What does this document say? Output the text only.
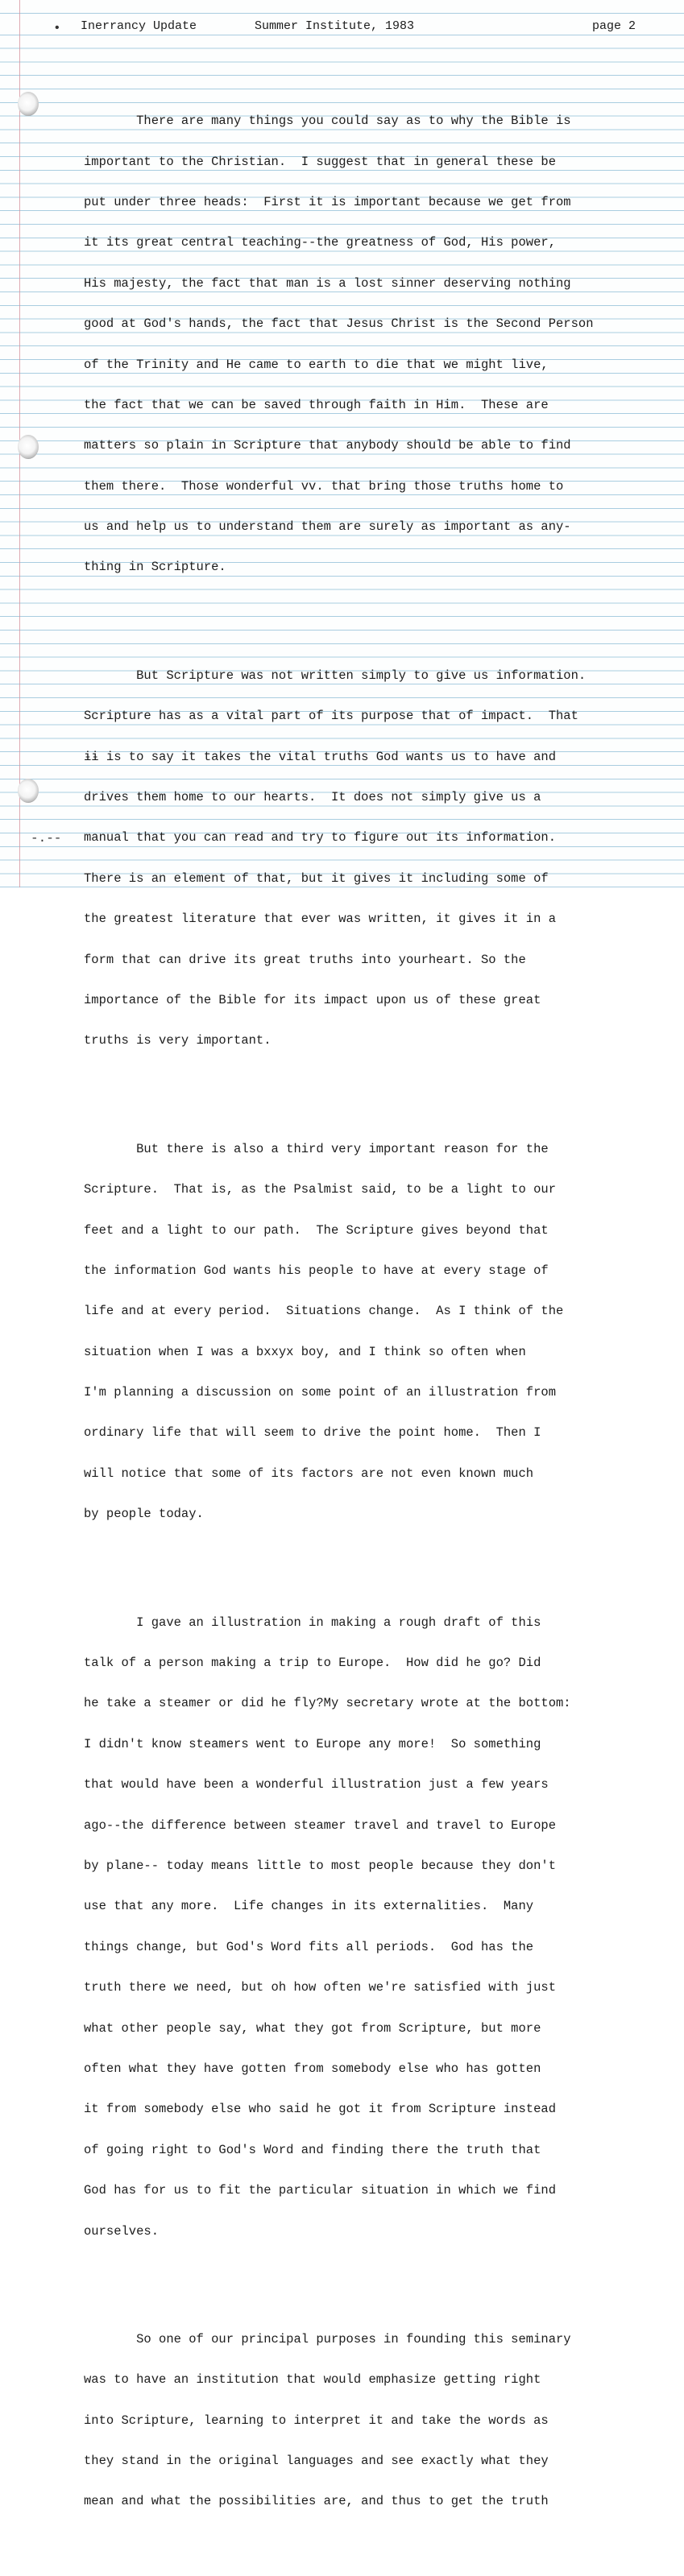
•
-.--
Inerrancy Update	Summer Institute, 1983	page 2

There are many things you could say as to why the Bible is

important to the Christian.  I suggest that in general these be

put under three heads:  First it is important because we get from

it its great central teaching--the greatness of God, His power,

His majesty, the fact that man is a lost sinner deserving nothing

good at God's hands, the fact that Jesus Christ is the Second Person

of the Trinity and He came to earth to die that we might live,

the fact that we can be saved through faith in Him.  These are

matters so plain in Scripture that anybody should be able to find

them there.  Those wonderful vv. that bring those truths home to

us and help us to understand them are surely as important as any-

thing in Scripture.

But Scripture was not written simply to give us information.

Scripture has as a vital part of its purpose that of impact.  That

ɨɨ is to say it takes the vital truths God wants us to have and

drives them home to our hearts.  It does not simply give us a

manual that you can read and try to figure out its information.

There is an element of that, but it gives it including some of

the greatest literature that ever was written, it gives it in a

form that can drive its great truths into yourheart. So the

importance of the Bible for its impact upon us of these great

truths is very important.

But there is also a third very important reason for the

Scripture.  That is, as the Psalmist said, to be a light to our

feet and a light to our path.  The Scripture gives beyond that

the information God wants his people to have at every stage of

life and at every period.  Situations change.  As I think of the

situation when I was a bxxyx boy, and I think so often when

I'm planning a discussion on some point of an illustration from

ordinary life that will seem to drive the point home.  Then I

will notice that some of its factors are not even known much

by people today.

I gave an illustration in making a rough draft of this

talk of a person making a trip to Europe.  How did he go? Did

he take a steamer or did he fly?My secretary wrote at the bottom:

I didn't know steamers went to Europe any more!  So something

that would have been a wonderful illustration just a few years

ago--the difference between steamer travel and travel to Europe

by plane-- today means little to most people because they don't

use that any more.  Life changes in its externalities.  Many

things change, but God's Word fits all periods.  God has the

truth there we need, but oh how often we're satisfied with just

what other people say, what they got from Scripture, but more

often what they have gotten from somebody else who has gotten

it from somebody else who said he got it from Scripture instead

of going right to God's Word and finding there the truth that

God has for us to fit the particular situation in which we find

ourselves.

So one of our principal purposes in founding this seminary

was to have an institution that would emphasize getting right

into Scripture, learning to interpret it and take the words as

they stand in the original languages and see exactly what they

mean and what the possibilities are, and thus to get the truth
